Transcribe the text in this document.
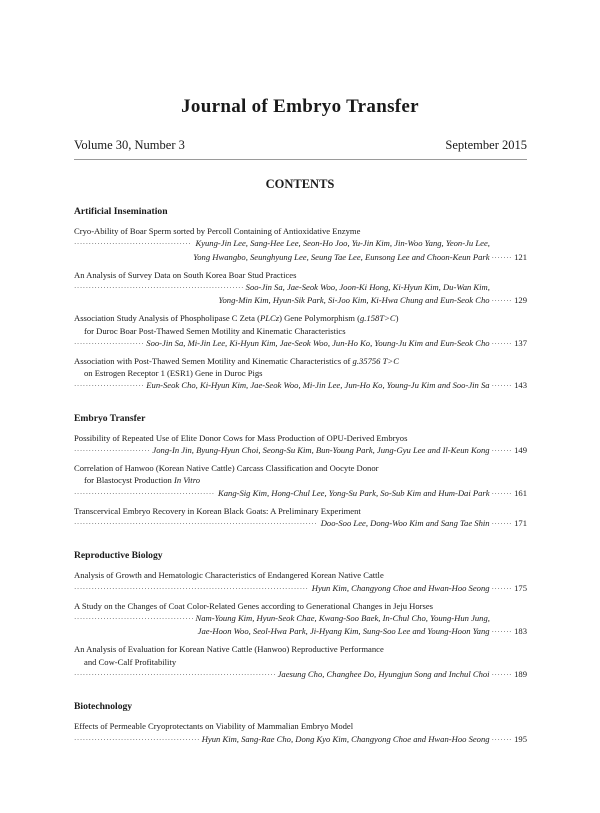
Journal of Embryo Transfer
Volume 30, Number 3	September 2015
CONTENTS
Artificial Insemination
Cryo-Ability of Boar Sperm sorted by Percoll Containing of Antioxidative Enzyme
·····
Kyung-Jin Lee, Sang-Hee Lee, Seon-Ho Joo, Yu-Jin Kim, Jin-Woo Yang, Yeon-Ju Lee,
Yong Hwangbo, Seunghyung Lee, Seung Tae Lee, Eunsong Lee and Choon-Keun Park ······· 121
An Analysis of Survey Data on South Korea Boar Stud Practices
·····
Soo-Jin Sa, Jae-Seok Woo, Joon-Ki Hong, Ki-Hyun Kim, Du-Wan Kim,
Yong-Min Kim, Hyun-Sik Park, Si-Joo Kim, Ki-Hwa Chung and Eun-Seok Cho ······· 129
Association Study Analysis of Phospholipase C Zeta (PLCz) Gene Polymorphism (g.158T>C)
for Duroc Boar Post-Thawed Semen Motility and Kinematic Characteristics
·····
Soo-Jin Sa, Mi-Jin Lee, Ki-Hyun Kim, Jae-Seok Woo, Jun-Ho Ko, Young-Ju Kim and Eun-Seok Cho ······· 137
Association with Post-Thawed Semen Motility and Kinematic Characteristics of g.35756 T>C
on Estrogen Receptor 1 (ESR1) Gene in Duroc Pigs
·····
Eun-Seok Cho, Ki-Hyun Kim, Jae-Seok Woo, Mi-Jin Lee, Jun-Ho Ko, Young-Ju Kim and Soo-Jin Sa ······· 143
Embryo Transfer
Possibility of Repeated Use of Elite Donor Cows for Mass Production of OPU-Derived Embryos
·····
Jong-In Jin, Byung-Hyun Choi, Seong-Su Kim, Bun-Young Park, Jung-Gyu Lee and Il-Keun Kong ······· 149
Correlation of Hanwoo (Korean Native Cattle) Carcass Classification and Oocyte Donor
for Blastocyst Production In Vitro
·····
Kang-Sig Kim, Hong-Chul Lee, Yong-Su Park, So-Sub Kim and Hum-Dai Park ······· 161
Transcervical Embryo Recovery in Korean Black Goats: A Preliminary Experiment
·····
Doo-Soo Lee, Dong-Woo Kim and Sang Tae Shin ······· 171
Reproductive Biology
Analysis of Growth and Hematologic Characteristics of Endangered Korean Native Cattle
·····
Hyun Kim, Changyong Choe and Hwan-Hoo Seong ······· 175
A Study on the Changes of Coat Color-Related Genes according to Generational Changes in Jeju Horses
·····
Nam-Young Kim, Hyun-Seok Chae, Kwang-Soo Baek, In-Chul Cho, Young-Hun Jung,
Jae-Hoon Woo, Seol-Hwa Park, Ji-Hyang Kim, Sung-Soo Lee and Young-Hoon Yang ······· 183
An Analysis of Evaluation for Korean Native Cattle (Hanwoo) Reproductive Performance
and Cow-Calf Profitability
·····
Jaesung Cho, Changhee Do, Hyungjun Song and Inchul Choi ······· 189
Biotechnology
Effects of Permeable Cryoprotectants on Viability of Mammalian Embryo Model
·····
Hyun Kim, Sang-Rae Cho, Dong Kyo Kim, Changyong Choe and Hwan-Hoo Seong ······· 195
